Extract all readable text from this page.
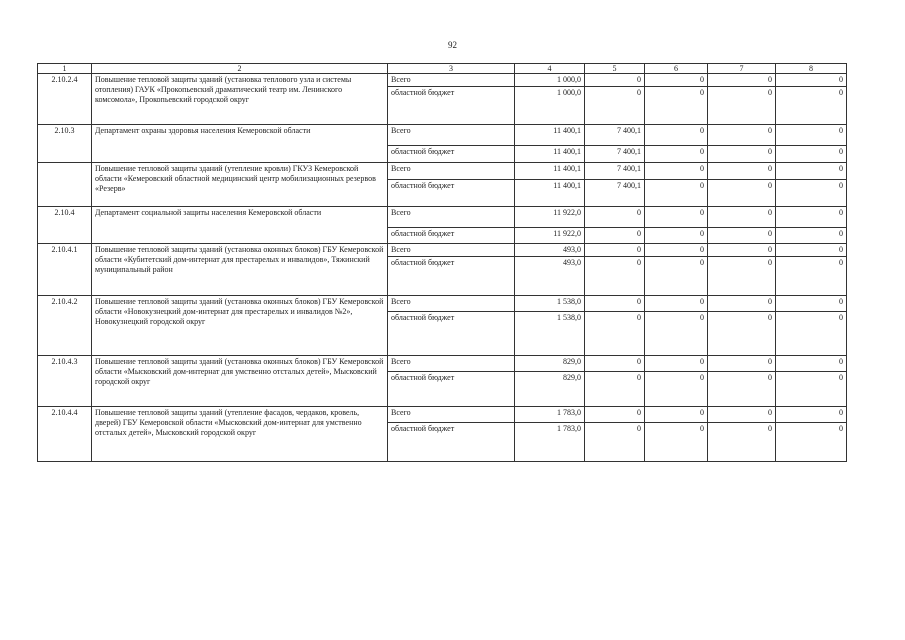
92
1	2	3	4	5	6	7	8
2.10.2.4	Повышение тепловой защиты зданий (установка теплового узла и системы отопления) ГАУК «Прокопьевский драматический театр им. Ленинского комсомола», Прокопьевский городской округ	Всего	1 000,0	0	0	0	0
		областной бюджет	1 000,0	0	0	0	0
2.10.3	Департамент охраны здоровья населения Кемеровской области	Всего	11 400,1	7 400,1	0	0	0
		областной бюджет	11 400,1	7 400,1	0	0	0
	Повышение тепловой защиты зданий (утепление кровли) ГКУЗ Кемеровской области «Кемеровский областной медицинский центр мобилизационных резервов «Резерв»	Всего	11 400,1	7 400,1	0	0	0
		областной бюджет	11 400,1	7 400,1	0	0	0
2.10.4	Департамент социальной защиты населения Кемеровской области	Всего	11 922,0	0	0	0	0
		областной бюджет	11 922,0	0	0	0	0
2.10.4.1	Повышение тепловой защиты зданий (установка оконных блоков) ГБУ Кемеровской области «Кубитетский дом-интернат для престарелых и инвалидов», Тяжинский муниципальный район	Всего	493,0	0	0	0	0
		областной бюджет	493,0	0	0	0	0
2.10.4.2	Повышение тепловой защиты зданий (установка оконных блоков) ГБУ Кемеровской области «Новокузнецкий дом-интернат для престарелых и инвалидов №2», Новокузнецкий городской округ	Всего	1 538,0	0	0	0	0
		областной бюджет	1 538,0	0	0	0	0
2.10.4.3	Повышение тепловой защиты зданий (установка оконных блоков) ГБУ Кемеровской области «Мысковский дом-интернат для умственно отсталых детей», Мысковский городской округ	Всего	829,0	0	0	0	0
		областной бюджет	829,0	0	0	0	0
2.10.4.4	Повышение тепловой защиты зданий (утепление фасадов, чердаков, кровель, дверей) ГБУ Кемеровской области «Мысковский дом-интернат для умственно отсталых детей», Мысковский городской округ	Всего	1 783,0	0	0	0	0
		областной бюджет	1 783,0	0	0	0	0
